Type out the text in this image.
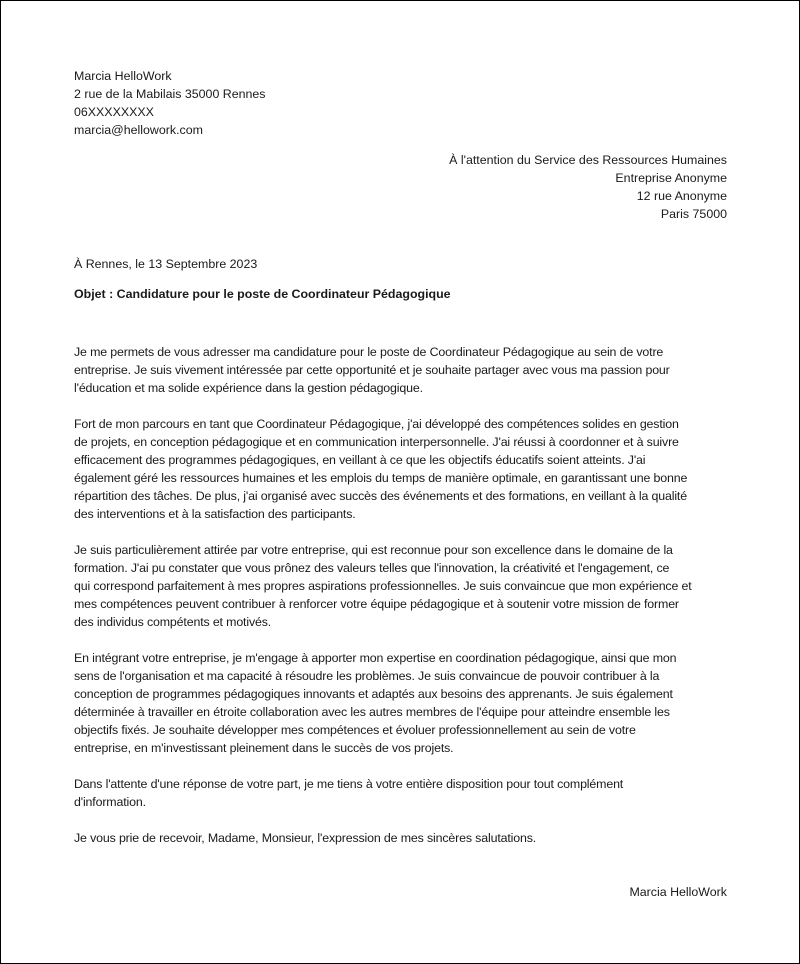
Marcia HelloWork
2 rue de la Mabilais 35000 Rennes
06XXXXXXXX
marcia@hellowork.com
À l'attention du Service des Ressources Humaines
Entreprise Anonyme
12 rue Anonyme
Paris 75000
À Rennes, le 13 Septembre 2023
Objet : Candidature pour le poste de Coordinateur Pédagogique

Je me permets de vous adresser ma candidature pour le poste de Coordinateur Pédagogique au sein de votre
entreprise. Je suis vivement intéressée par cette opportunité et je souhaite partager avec vous ma passion pour
l'éducation et ma solide expérience dans la gestion pédagogique.

Fort de mon parcours en tant que Coordinateur Pédagogique, j'ai développé des compétences solides en gestion
de projets, en conception pédagogique et en communication interpersonnelle. J'ai réussi à coordonner et à suivre
efficacement des programmes pédagogiques, en veillant à ce que les objectifs éducatifs soient atteints. J'ai
également géré les ressources humaines et les emplois du temps de manière optimale, en garantissant une bonne
répartition des tâches. De plus, j'ai organisé avec succès des événements et des formations, en veillant à la qualité
des interventions et à la satisfaction des participants.

Je suis particulièrement attirée par votre entreprise, qui est reconnue pour son excellence dans le domaine de la
formation. J'ai pu constater que vous prônez des valeurs telles que l'innovation, la créativité et l'engagement, ce
qui correspond parfaitement à mes propres aspirations professionnelles. Je suis convaincue que mon expérience et
mes compétences peuvent contribuer à renforcer votre équipe pédagogique et à soutenir votre mission de former
des individus compétents et motivés.

En intégrant votre entreprise, je m'engage à apporter mon expertise en coordination pédagogique, ainsi que mon
sens de l'organisation et ma capacité à résoudre les problèmes. Je suis convaincue de pouvoir contribuer à la
conception de programmes pédagogiques innovants et adaptés aux besoins des apprenants. Je suis également
déterminée à travailler en étroite collaboration avec les autres membres de l'équipe pour atteindre ensemble les
objectifs fixés. Je souhaite développer mes compétences et évoluer professionnellement au sein de votre
entreprise, en m'investissant pleinement dans le succès de vos projets.

Dans l'attente d'une réponse de votre part, je me tiens à votre entière disposition pour tout complément
d'information.

Je vous prie de recevoir, Madame, Monsieur, l'expression de mes sincères salutations.

Marcia HelloWork
